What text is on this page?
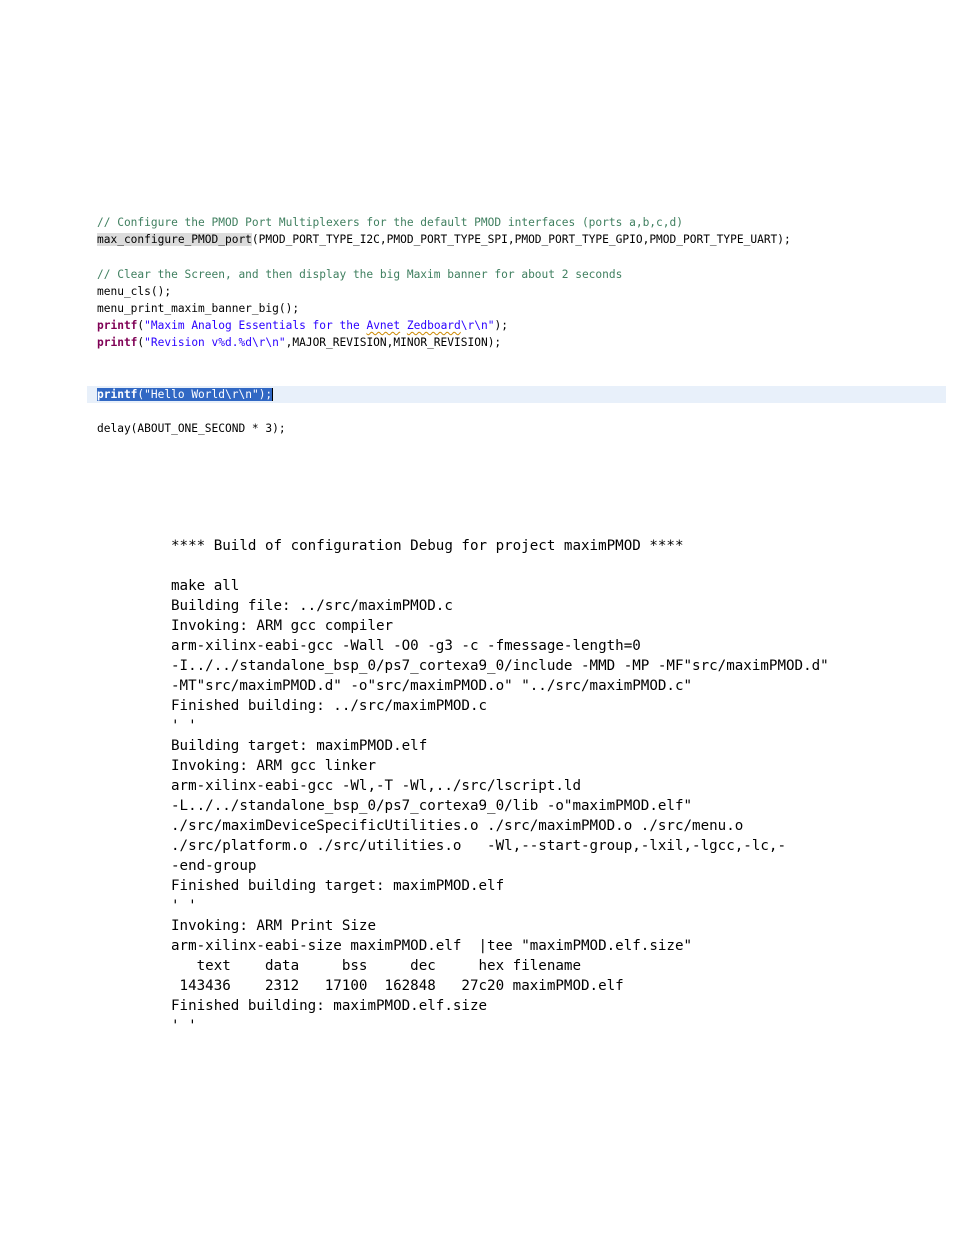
// Configure the PMOD Port Multiplexers for the default PMOD interfaces (ports a,b,c,d)
max_configure_PMOD_port(PMOD_PORT_TYPE_I2C,PMOD_PORT_TYPE_SPI,PMOD_PORT_TYPE_GPIO,PMOD_PORT_TYPE_UART);
// Clear the Screen, and then display the big Maxim banner for about 2 seconds
menu_cls();
menu_print_maxim_banner_big();
printf("Maxim Analog Essentials for the Avnet Zedboard\r\n");
printf("Revision v%d.%d\r\n",MAJOR_REVISION,MINOR_REVISION);
printf("Hello World\r\n");
delay(ABOUT_ONE_SECOND * 3);
**** Build of configuration Debug for project maximPMOD ****
make all
Building file: ../src/maximPMOD.c
Invoking: ARM gcc compiler
arm-xilinx-eabi-gcc -Wall -O0 -g3 -c -fmessage-length=0
-I../../standalone_bsp_0/ps7_cortexa9_0/include -MMD -MP -MF"src/maximPMOD.d"
-MT"src/maximPMOD.d" -o"src/maximPMOD.o" "../src/maximPMOD.c"
Finished building: ../src/maximPMOD.c
' '
Building target: maximPMOD.elf
Invoking: ARM gcc linker
arm-xilinx-eabi-gcc -Wl,-T -Wl,../src/lscript.ld
-L../../standalone_bsp_0/ps7_cortexa9_0/lib -o"maximPMOD.elf"
./src/maximDeviceSpecificUtilities.o ./src/maximPMOD.o ./src/menu.o
./src/platform.o ./src/utilities.o   -Wl,--start-group,-lxil,-lgcc,-lc,-
-end-group
Finished building target: maximPMOD.elf
' '
Invoking: ARM Print Size
arm-xilinx-eabi-size maximPMOD.elf  |tee "maximPMOD.elf.size"
text    data     bss     dec     hex filename
143436    2312   17100  162848   27c20 maximPMOD.elf
Finished building: maximPMOD.elf.size
' '
